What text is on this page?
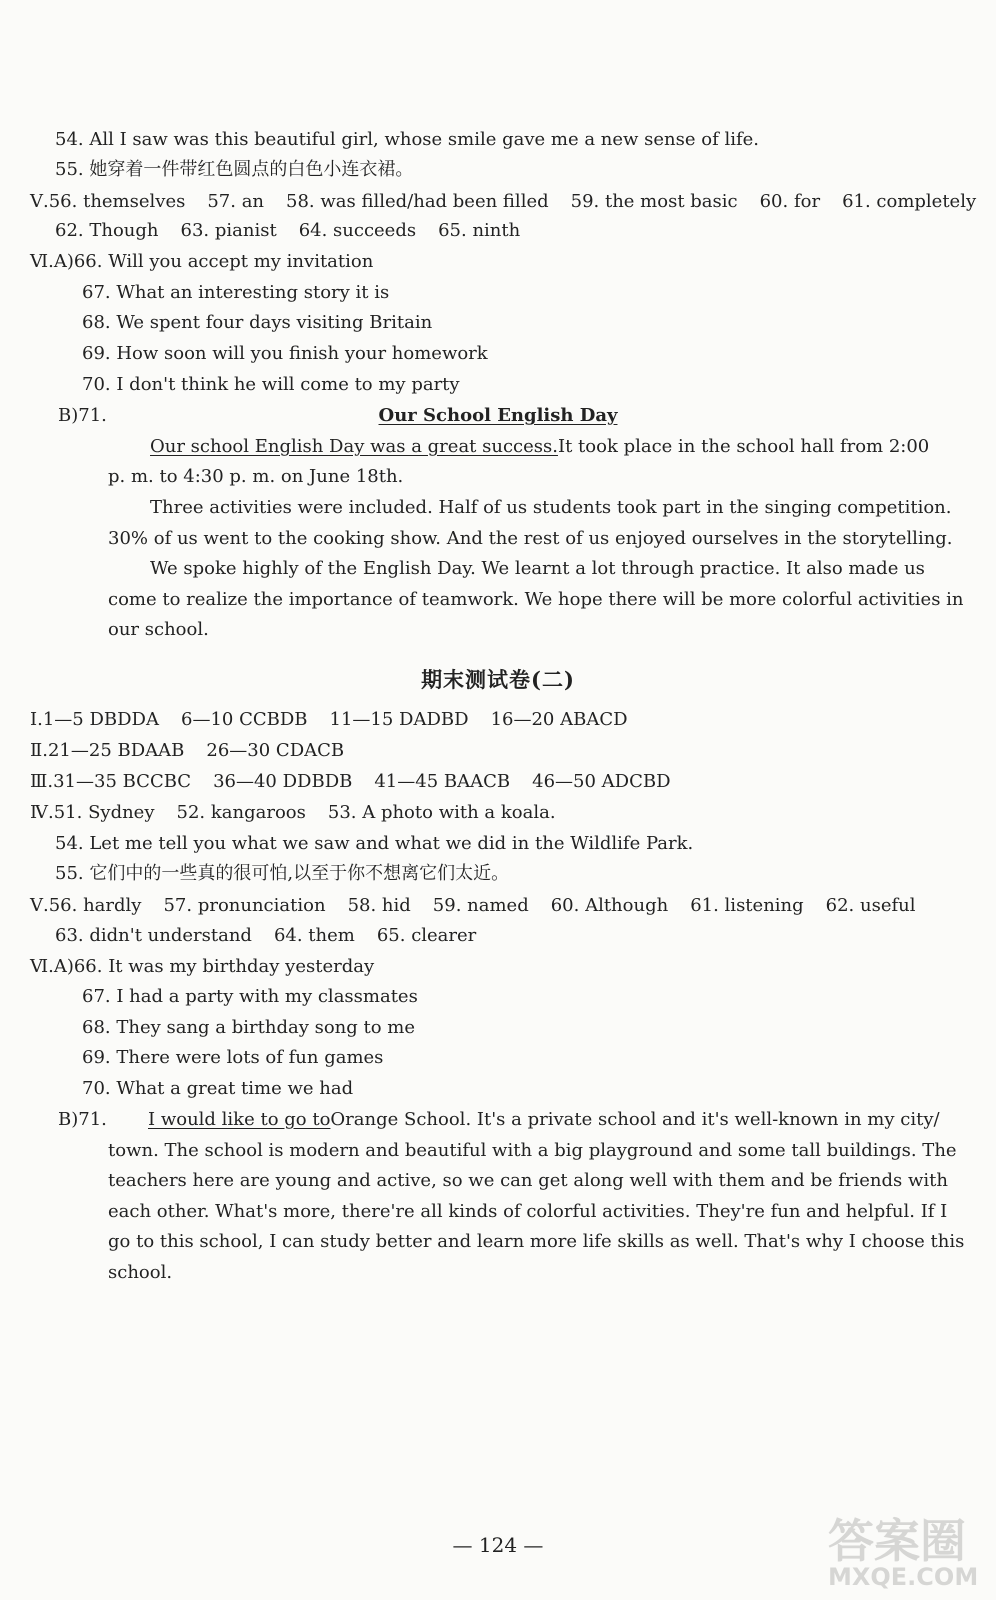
54. All I saw was this beautiful girl, whose smile gave me a new sense of life.
55. 她穿着一件带红色圆点的白色小连衣裙。
Ⅴ.56. themselves 57. an 58. was filled/had been filled 59. the most basic 60. for 61. completely
62. Though 63. pianist 64. succeeds 65. ninth
Ⅵ.A)66. Will you accept my invitation
67. What an interesting story it is
68. We spent four days visiting Britain
69. How soon will you finish your homework
70. I don't think he will come to my party
B)71.	Our School English Day
Our school English Day was a great success.It took place in the school hall from 2:00
p. m. to 4:30 p. m. on June 18th.
Three activities were included. Half of us students took part in the singing competition.
30% of us went to the cooking show. And the rest of us enjoyed ourselves in the storytelling.
We spoke highly of the English Day. We learnt a lot through practice. It also made us
come to realize the importance of teamwork. We hope there will be more colorful activities in
our school.
期末测试卷(二)
Ⅰ.1—5 DBDDA 6—10 CCBDB 11—15 DADBD 16—20 ABACD
Ⅱ.21—25 BDAAB 26—30 CDACB
Ⅲ.31—35 BCCBC 36—40 DDBDB 41—45 BAACB 46—50 ADCBD
Ⅳ.51. Sydney 52. kangaroos 53. A photo with a koala.
54. Let me tell you what we saw and what we did in the Wildlife Park.
55. 它们中的一些真的很可怕,以至于你不想离它们太近。
Ⅴ.56. hardly 57. pronunciation 58. hid 59. named 60. Although 61. listening 62. useful
63. didn't understand 64. them 65. clearer
Ⅵ.A)66. It was my birthday yesterday
67. I had a party with my classmates
68. They sang a birthday song to me
69. There were lots of fun games
70. What a great time we had
B)71. I would like to go toOrange School. It's a private school and it's well-known in my city/
town. The school is modern and beautiful with a big playground and some tall buildings. The
teachers here are young and active, so we can get along well with them and be friends with
each other. What's more, there're all kinds of colorful activities. They're fun and helpful. If I
go to this school, I can study better and learn more life skills as well. That's why I choose this
school.
— 124 —	答案圈
MXQE.COM
